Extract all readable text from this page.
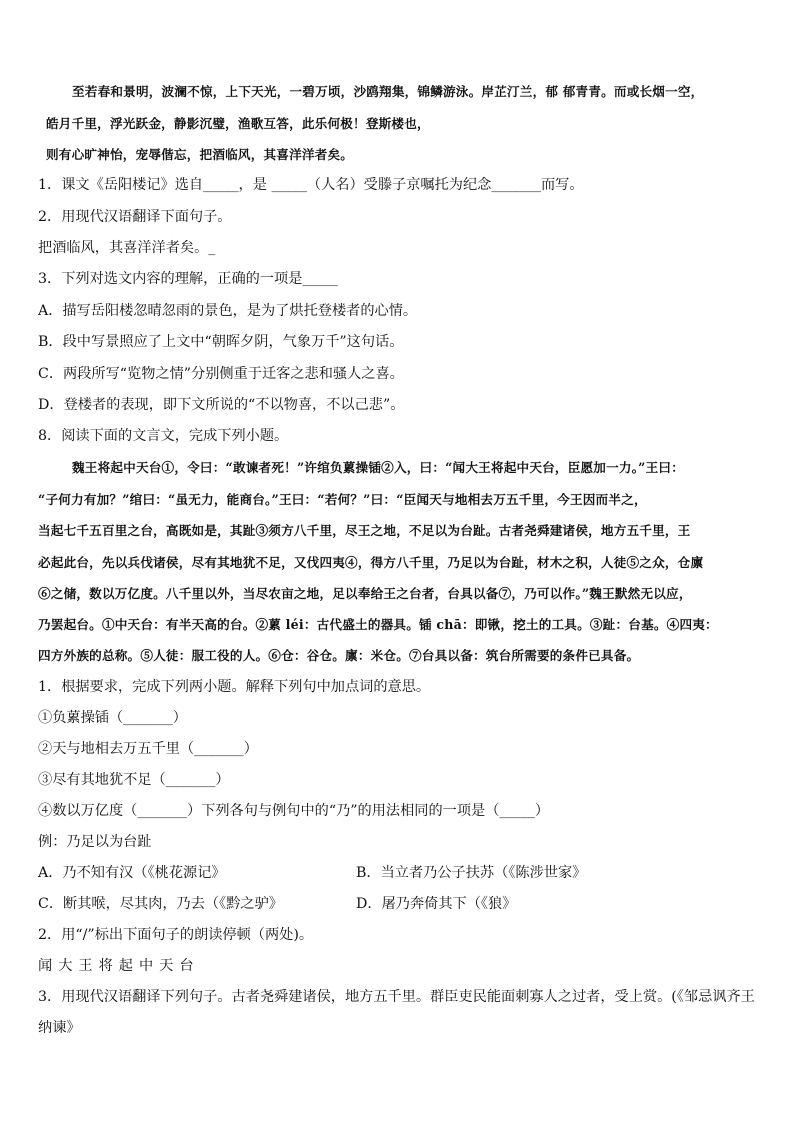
至若春和景明，波澜不惊，上下天光，一碧万顷，沙鸥翔集，锦鳞游泳。岸芷汀兰，郁 郁青青。而或长烟一空，
皓月千里，浮光跃金，静影沉璧，渔歌互答，此乐何极！登斯楼也，
则有心旷神怡，宠辱偕忘，把酒临风，其喜洋洋者矣。
1．课文《岳阳楼记》选自_____，是 _____（人名）受滕子京嘱托为纪念_______而写。
2．用现代汉语翻译下面句子。
把酒临风，其喜洋洋者矣。_
3．下列对选文内容的理解，正确的一项是_____
A．描写岳阳楼忽晴忽雨的景色，是为了烘托登楼者的心情。
B．段中写景照应了上文中“朝晖夕阴，气象万千”这句话。
C．两段所写“览物之情”分别侧重于迁客之悲和骚人之喜。
D．登楼者的表现，即下文所说的“不以物喜，不以己悲”。
8．阅读下面的文言文，完成下列小题。
魏王将起中天台①，令曰：“敢谏者死！”许绾负蔂操锸②入，曰：“闻大王将起中天台，臣愿加一力。”王曰：
“子何力有加？”绾曰：“虽无力，能商台。”王曰：“若何？”曰：“臣闻天与地相去万五千里，今王因而半之，
当起七千五百里之台，高既如是，其趾③须方八千里，尽王之地，不足以为台趾。古者尧舜建诸侯，地方五千里，王
必起此台，先以兵伐诸侯，尽有其地犹不足，又伐四夷④，得方八千里，乃足以为台趾，材木之积，人徒⑤之众，仓廪
⑥之储，数以万亿度。八千里以外，当尽农亩之地，足以奉给王之台者，台具以备⑦，乃可以作。”魏王默然无以应，
乃罢起台。①中天台：有半天高的台。②蔂 léi：古代盛土的器具。锸 chā：即锹，挖土的工具。③趾：台基。④四夷：
四方外族的总称。⑤人徒：服工役的人。⑥仓：谷仓。廪：米仓。⑦台具以备：筑台所需要的条件已具备。
1．根据要求，完成下列两小题。解释下列句中加点词的意思。
①负蔂操锸（_______）
②天与地相去万五千里（_______）
③尽有其地犹不足（_______）
④数以万亿度（_______）下列各句与例句中的“乃”的用法相同的一项是（_____）
例：乃足以为台趾
A．乃不知有汉（《桃花源记》	B．当立者乃公子扶苏（《陈涉世家》
C．断其喉，尽其肉，乃去（《黔之驴》	D．屠乃奔倚其下（《狼》
2．用“/”标出下面句子的朗读停顿（两处)。
闻大王将起中天台
3．用现代汉语翻译下列句子。古者尧舜建诸侯，地方五千里。群臣吏民能面刺寡人之过者，受上赏。(《邹忌讽齐王
纳谏》
